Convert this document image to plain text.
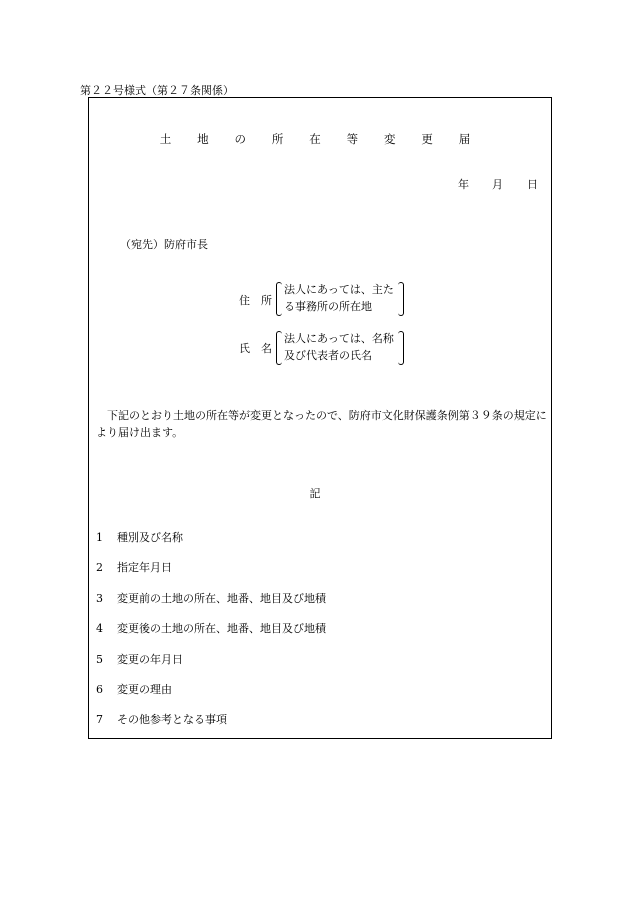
第２２号様式（第２７条関係）
土 地 の 所 在 等 変 更 届
年 月 日
（宛先）防府市長
住　所
法人にあっては、主た
る事務所の所在地
氏　名
法人にあっては、名称
及び代表者の氏名
下記のとおり土地の所在等が変更となったので、防府市文化財保護条例第３９条の規定により届け出ます。
記
1 種別及び名称
2 指定年月日
3 変更前の土地の所在、地番、地目及び地積
4 変更後の土地の所在、地番、地目及び地積
5 変更の年月日
6 変更の理由
7 その他参考となる事項
